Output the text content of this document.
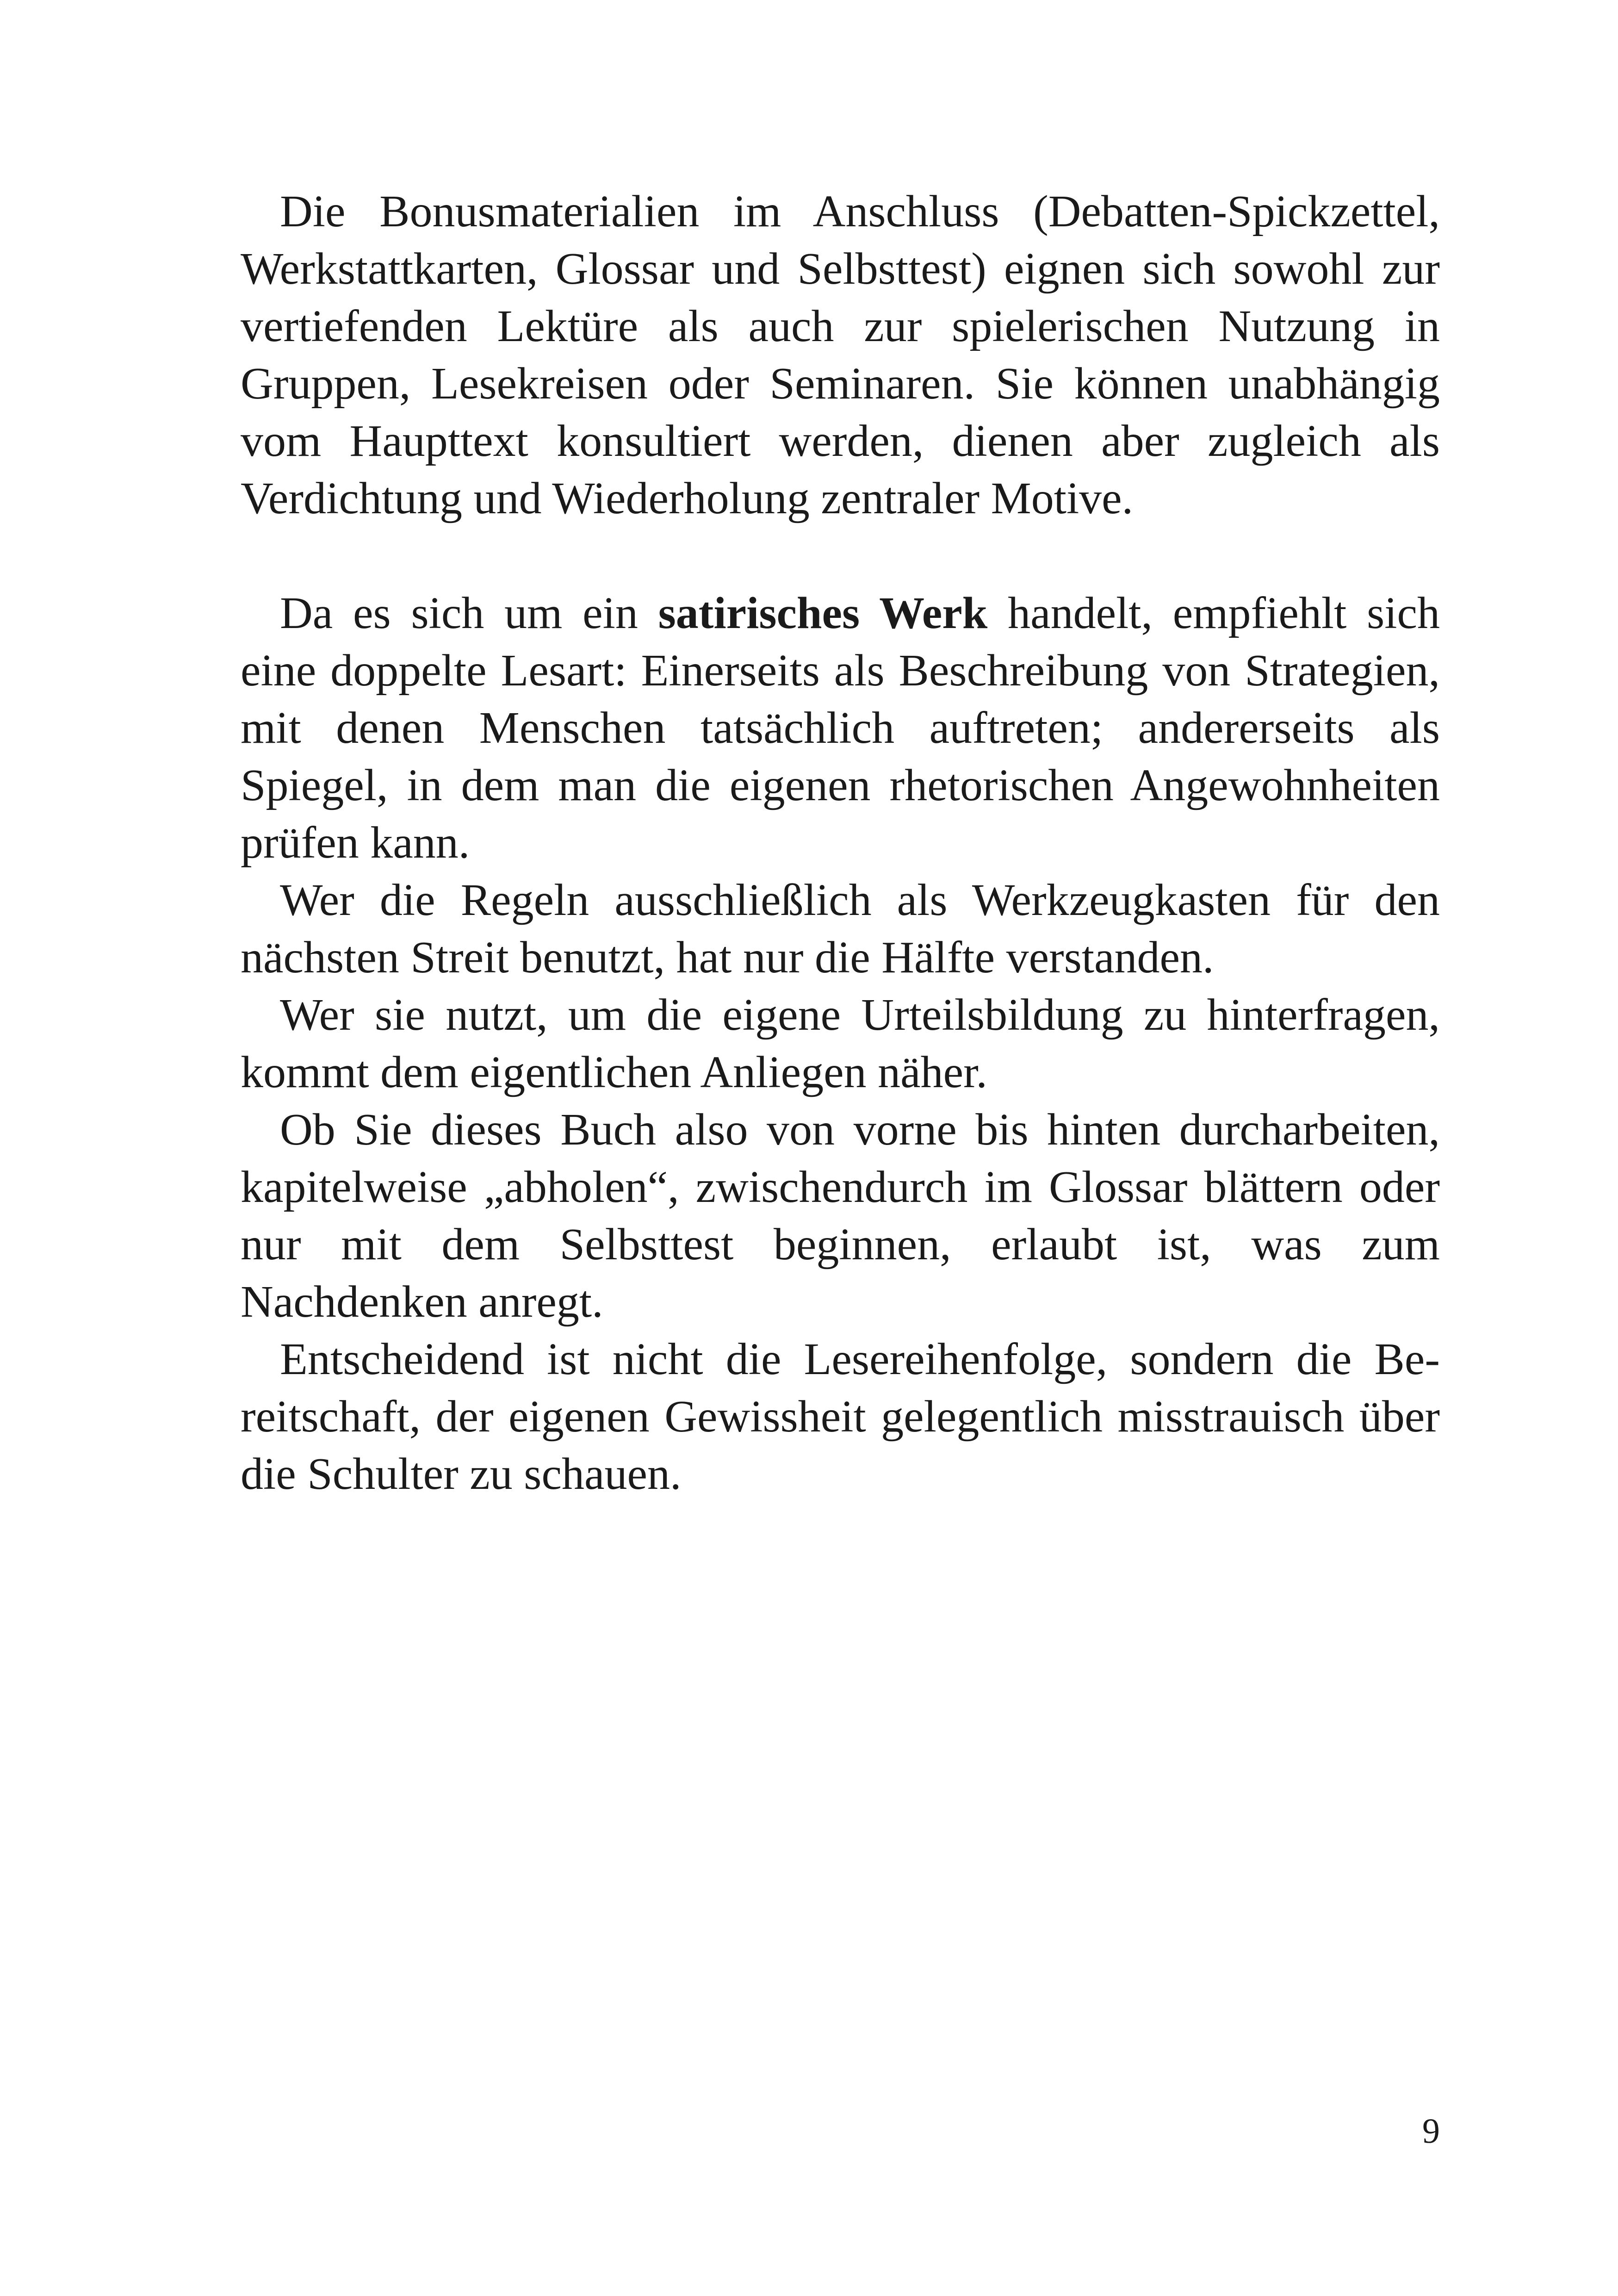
Die Bonusmaterialien im Anschluss (Debatten-Spickzettel, Werkstattkarten, Glossar und Selbsttest) eignen sich sowohl zur vertiefenden Lektüre als auch zur spielerischen Nutzung in Gruppen, Lesekreisen oder Seminaren. Sie können unabhängig vom Haupttext konsultiert werden, dienen aber zugleich als Verdichtung und Wiederholung zentraler Motive.

Da es sich um ein satirisches Werk handelt, empfiehlt sich eine doppelte Lesart: Einerseits als Beschreibung von Strategien, mit denen Menschen tatsächlich auftreten; andererseits als Spiegel, in dem man die eigenen rhetorischen Angewohnheiten prüfen kann.

Wer die Regeln ausschließlich als Werkzeugkasten für den nächsten Streit benutzt, hat nur die Hälfte verstanden.

Wer sie nutzt, um die eigene Urteilsbildung zu hinterfragen, kommt dem eigentlichen Anliegen näher.

Ob Sie dieses Buch also von vorne bis hinten durcharbeiten, kapitelweise „abholen“, zwischendurch im Glossar blättern oder nur mit dem Selbsttest beginnen, erlaubt ist, was zum Nachdenken anregt.

Entscheidend ist nicht die Lesereihenfolge, sondern die Bereitschaft, der eigenen Gewissheit gelegentlich misstrauisch über die Schulter zu schauen.

9
